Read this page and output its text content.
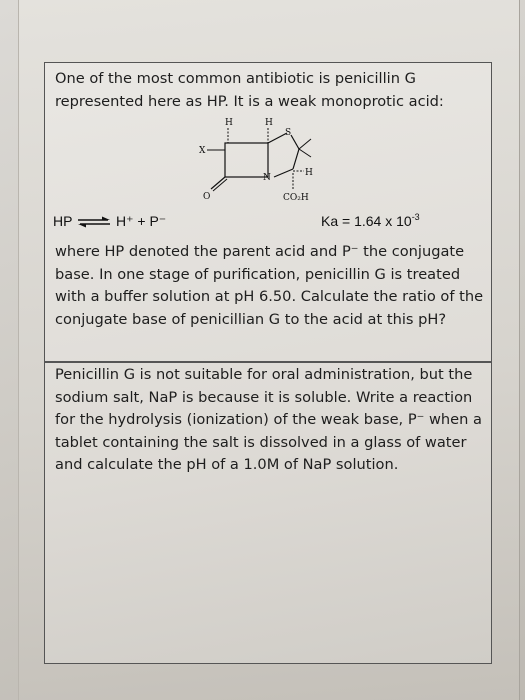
One of the most common antibiotic is penicillin G represented here as HP. It is a weak monoprotic acid:
H	H
X
O
S
H
N
CO₂H
HP ⇌ H⁺ + P⁻	Ka = 1.64 x $10^{-3}$
where HP denoted the parent acid and P⁻ the conjugate base. In one stage of purification, penicillin G is treated with a buffer solution at pH 6.50. Calculate the ratio of the conjugate base of penicillian G to the acid at this pH?
Penicillin G is not suitable for oral administration, but the sodium salt, NaP is because it is soluble. Write a reaction for the hydrolysis (ionization) of the weak base, P⁻ when a tablet containing the salt is dissolved in a glass of water and calculate the pH of a 1.0M of NaP solution.
